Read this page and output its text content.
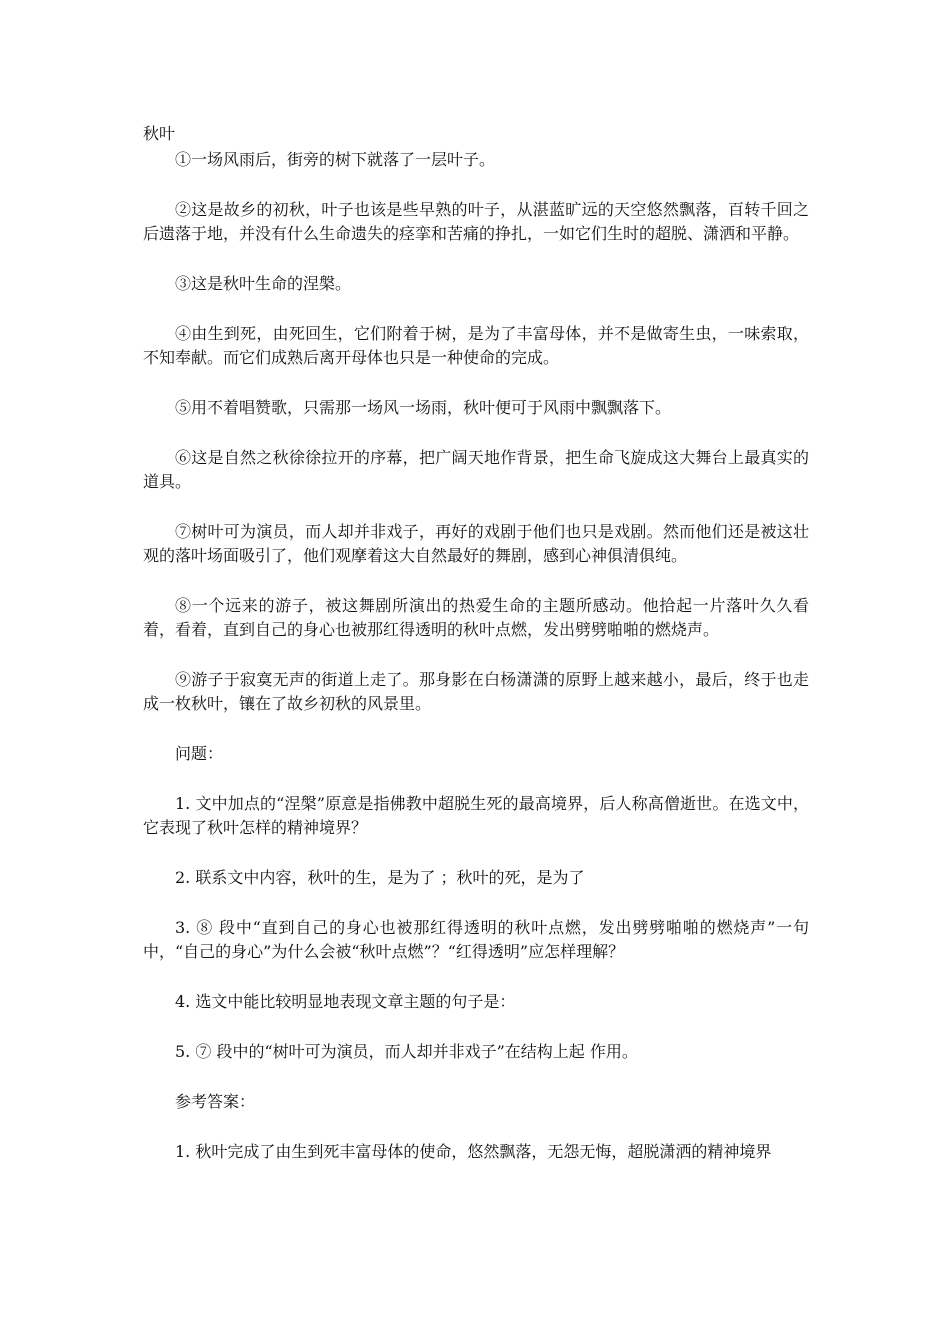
秋叶

①一场风雨后，街旁的树下就落了一层叶子。

②这是故乡的初秋，叶子也该是些早熟的叶子，从湛蓝旷远的天空悠然飘落，百转千回之后遗落于地，并没有什么生命遗失的痉挛和苦痛的挣扎，一如它们生时的超脱、潇洒和平静。

③这是秋叶生命的涅槃。

④由生到死，由死回生，它们附着于树，是为了丰富母体，并不是做寄生虫，一味索取，不知奉献。而它们成熟后离开母体也只是一种使命的完成。

⑤用不着唱赞歌，只需那一场风一场雨，秋叶便可于风雨中飘飘落下。

⑥这是自然之秋徐徐拉开的序幕，把广阔天地作背景，把生命飞旋成这大舞台上最真实的道具。

⑦树叶可为演员，而人却并非戏子，再好的戏剧于他们也只是戏剧。然而他们还是被这壮观的落叶场面吸引了，他们观摩着这大自然最好的舞剧，感到心神俱清俱纯。

⑧一个远来的游子，被这舞剧所演出的热爱生命的主题所感动。他拾起一片落叶久久看着，看着，直到自己的身心也被那红得透明的秋叶点燃，发出劈劈啪啪的燃烧声。

⑨游子于寂寞无声的街道上走了。那身影在白杨潇潇的原野上越来越小，最后，终于也走成一枚秋叶，镶在了故乡初秋的风景里。

问题：

1. 文中加点的“涅槃”原意是指佛教中超脱生死的最高境界，后人称高僧逝世。在选文中，它表现了秋叶怎样的精神境界？

2. 联系文中内容，秋叶的生，是为了 ；秋叶的死，是为了

3. ⑧ 段中“直到自己的身心也被那红得透明的秋叶点燃，发出劈劈啪啪的燃烧声”一句中，“自己的身心”为什么会被“秋叶点燃”？“红得透明”应怎样理解？

4. 选文中能比较明显地表现文章主题的句子是：

5. ⑦ 段中的“树叶可为演员，而人却并非戏子”在结构上起 作用。

参考答案：

1. 秋叶完成了由生到死丰富母体的使命，悠然飘落，无怨无悔，超脱潇洒的精神境界
